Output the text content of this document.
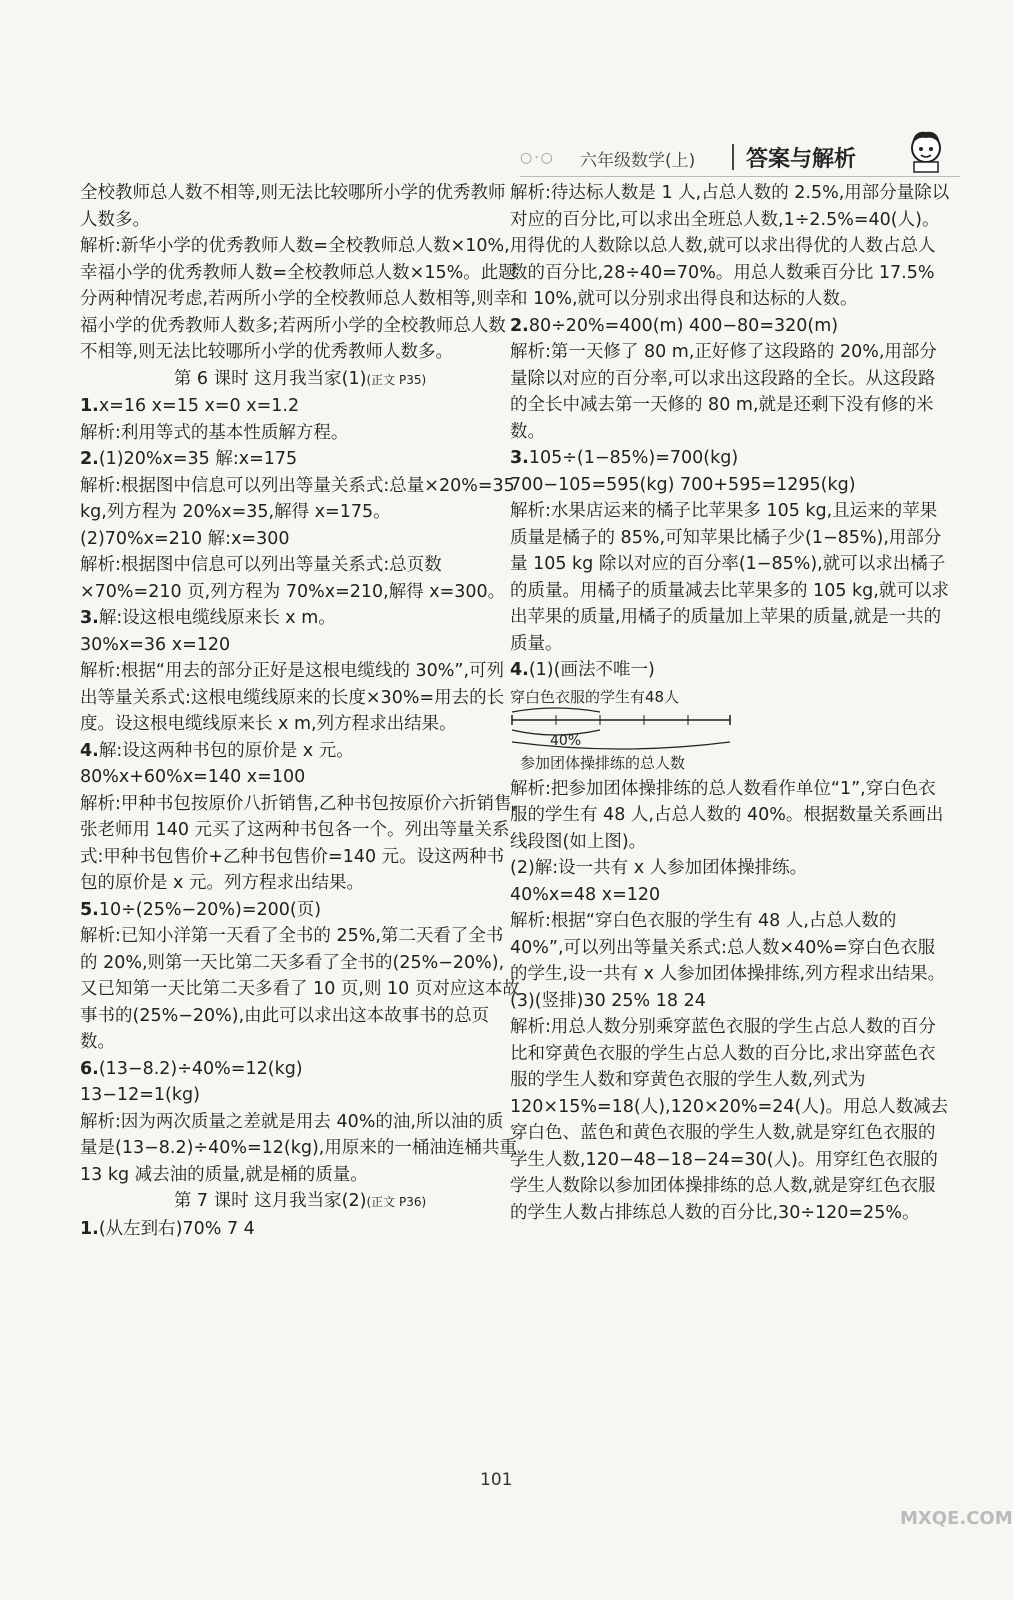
○·○ 六年级数学(上) 答案与解析

全校教师总人数不相等,则无法比较哪所小学的优秀教师人数多。

解析:新华小学的优秀教师人数=全校教师总人数×10%,幸福小学的优秀教师人数=全校教师总人数×15%。此题分两种情况考虑,若两所小学的全校教师总人数相等,则幸福小学的优秀教师人数多;若两所小学的全校教师总人数不相等,则无法比较哪所小学的优秀教师人数多。

第 6 课时 这月我当家(1)(正文 P35)

1.x=16 x=15 x=0 x=1.2

解析:利用等式的基本性质解方程。

2.(1)20%x=35 解:x=175

解析:根据图中信息可以列出等量关系式:总量×20%=35 kg,列方程为 20%x=35,解得 x=175。

(2)70%x=210 解:x=300

解析:根据图中信息可以列出等量关系式:总页数×70%=210 页,列方程为 70%x=210,解得 x=300。

3.解:设这根电缆线原来长 x m。

30%x=36 x=120

解析:根据“用去的部分正好是这根电缆线的 30%”,可列出等量关系式:这根电缆线原来的长度×30%=用去的长度。设这根电缆线原来长 x m,列方程求出结果。

4.解:设这两种书包的原价是 x 元。

80%x+60%x=140 x=100

解析:甲种书包按原价八折销售,乙种书包按原价六折销售,张老师用 140 元买了这两种书包各一个。列出等量关系式:甲种书包售价+乙种书包售价=140 元。设这两种书包的原价是 x 元。列方程求出结果。

5.10÷(25%−20%)=200(页)

解析:已知小洋第一天看了全书的 25%,第二天看了全书的 20%,则第一天比第二天多看了全书的(25%−20%),又已知第一天比第二天多看了 10 页,则 10 页对应这本故事书的(25%−20%),由此可以求出这本故事书的总页数。

6.(13−8.2)÷40%=12(kg)

13−12=1(kg)

解析:因为两次质量之差就是用去 40%的油,所以油的质量是(13−8.2)÷40%=12(kg),用原来的一桶油连桶共重 13 kg 减去油的质量,就是桶的质量。

第 7 课时 这月我当家(2)(正文 P36)

1.(从左到右)70% 7 4

解析:待达标人数是 1 人,占总人数的 2.5%,用部分量除以对应的百分比,可以求出全班总人数,1÷2.5%=40(人)。用得优的人数除以总人数,就可以求出得优的人数占总人数的百分比,28÷40=70%。用总人数乘百分比 17.5%和 10%,就可以分别求出得良和达标的人数。

2.80÷20%=400(m) 400−80=320(m)

解析:第一天修了 80 m,正好修了这段路的 20%,用部分量除以对应的百分率,可以求出这段路的全长。从这段路的全长中减去第一天修的 80 m,就是还剩下没有修的米数。

3.105÷(1−85%)=700(kg)

700−105=595(kg) 700+595=1295(kg)

解析:水果店运来的橘子比苹果多 105 kg,且运来的苹果质量是橘子的 85%,可知苹果比橘子少(1−85%),用部分量 105 kg 除以对应的百分率(1−85%),就可以求出橘子的质量。用橘子的质量减去比苹果多的 105 kg,就可以求出苹果的质量,用橘子的质量加上苹果的质量,就是一共的质量。

4.(1)(画法不唯一)

穿白色衣服的学生有48人
40%
参加团体操排练的总人数

解析:把参加团体操排练的总人数看作单位“1”,穿白色衣服的学生有 48 人,占总人数的 40%。根据数量关系画出线段图(如上图)。

(2)解:设一共有 x 人参加团体操排练。

40%x=48 x=120

解析:根据“穿白色衣服的学生有 48 人,占总人数的 40%”,可以列出等量关系式:总人数×40%=穿白色衣服的学生,设一共有 x 人参加团体操排练,列方程求出结果。

(3)(竖排)30 25% 18 24

解析:用总人数分别乘穿蓝色衣服的学生占总人数的百分比和穿黄色衣服的学生占总人数的百分比,求出穿蓝色衣服的学生人数和穿黄色衣服的学生人数,列式为 120×15%=18(人),120×20%=24(人)。用总人数减去穿白色、蓝色和黄色衣服的学生人数,就是穿红色衣服的学生人数,120−48−18−24=30(人)。用穿红色衣服的学生人数除以参加团体操排练的总人数,就是穿红色衣服的学生人数占排练总人数的百分比,30÷120=25%。

101
MXQE.COM
